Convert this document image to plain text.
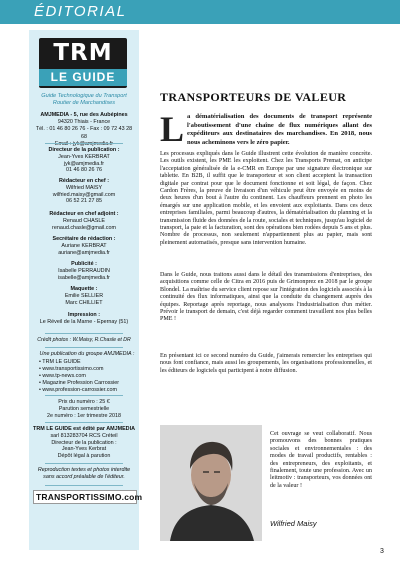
ÉDITORIAL
TRM
LE GUIDE
Guide Technologique du Transport Routier de Marchandises
AMJMEDIA - 5, rue des Aubépines
94320 Thiais - France
Tél. : 01 46 80 26 76 - Fax : 09 72 43 28 68
Email : jyk@amjmedia.fr
Directeur de la publication :
Jean-Yves KERBRAT
jyk@amjmedia.fr
01 46 80 26 76
Rédacteur en chef :
Wilfried MAISY
wilfried.maisy@gmail.com
06 52 21 27 85
Rédacteur en chef adjoint :
Renaud CHASLE
renaud.chasle@gmail.com
Secrétaire de rédaction :
Auriane KERBRAT
auriane@amjmedia.fr
Publicité :
Isabelle PERRAUDIN
isabelle@amjmedia.fr
Maquette :
Emilie SELLIER
Marc CHILLIET
Impression :
Le Réveil de la Marne - Epernay (51)
Crédit photos : W.Maisy, R.Chasle et DR
Une publication du groupe AMJMEDIA :
• TRM LE GUIDE
• www.transportissimo.com
• www.tp-news.com
• Magazine Profession Carrossier
• www.profession-carrossier.com
Prix du numéro : 25 €
Parution semestrielle
2e numéro : 1er trimestre 2018
TRM LE GUIDE est édité par AMJMEDIA
sarl 813283704 RCS Créteil
Directeur de la publication :
Jean-Yves Kerbrat
Dépôt légal à parution
Reproduction textes et photos interdite sans accord préalable de l'éditeur.
TRANSPORTISSIMO.com
TRANSPORTEURS DE VALEUR
L a dématérialisation des documents de transport représente l'aboutissement d'une chaîne de flux numériques allant des expéditeurs aux destinataires des marchandises. En 2018, nous nous acheminons vers le zéro papier.
Les processus expliqués dans le Guide illustrent cette évolution de manière concrète. Les outils existent, les PME les exploitent. Chez les Transports Premat, on anticipe l'acceptation généralisée de la e-CMR en Europe par une signature électronique sur tablette. En B2B, il suffit que le transporteur et son client acceptent la transaction digitale par contrat pour que le document fonctionne et soit légal, de façon. Chez Cardon Frères, la preuve de livraison d'un véhicule peut être envoyée en moins de deux heures d'un bout à l'autre du continent. Les chauffeurs prennent en photo les émargés sur une application mobile, et les envoient aux exploitants. Dans ces deux entreprises familiales, parmi beaucoup d'autres, la dématérialisation du planning et la transmission fluide des données de la route, sociales et techniques, jusqu'au logiciel de transport, la paie et la facturation, sont des opérations bien rodées depuis 5 ans et plus. Nombre de processus, non seulement n'appartiennent plus au papier, mais sont pleinement automatisés, presque sans intervention humaine.
Dans le Guide, nous traitons aussi dans le détail des transmissions d'entreprises, des acquisitions comme celle de Citra en 2016 puis de Grimonprez en 2018 par le groupe Blondel. La maîtrise du service client repose sur l'intégration des logiciels associés à la continuité des flux informatiques, ainsi que la conduite du changement auprès des équipes. Reportage après reportage, nous analysons l'industrialisation d'un métier. Prévoir le transport de demain, c'est déjà regarder comment travaillent nos plus belles PME !
En présentant ici ce second numéro du Guide, j'aimerais remercier les entreprises qui nous font confiance, mais aussi les groupements, les organisations professionnelles, et les éditeurs de logiciels qui participent à notre diffusion.
Cet ouvrage se veut collaboratif. Nous promouvons des bonnes pratiques sociales et environnementales : des modes de travail productifs, rentables : des entrepreneurs, des exploitants, et finalement, toute une profession. Avec un leitmotiv : transporteurs, vos données ont de la valeur !
Wilfried Maisy
3
